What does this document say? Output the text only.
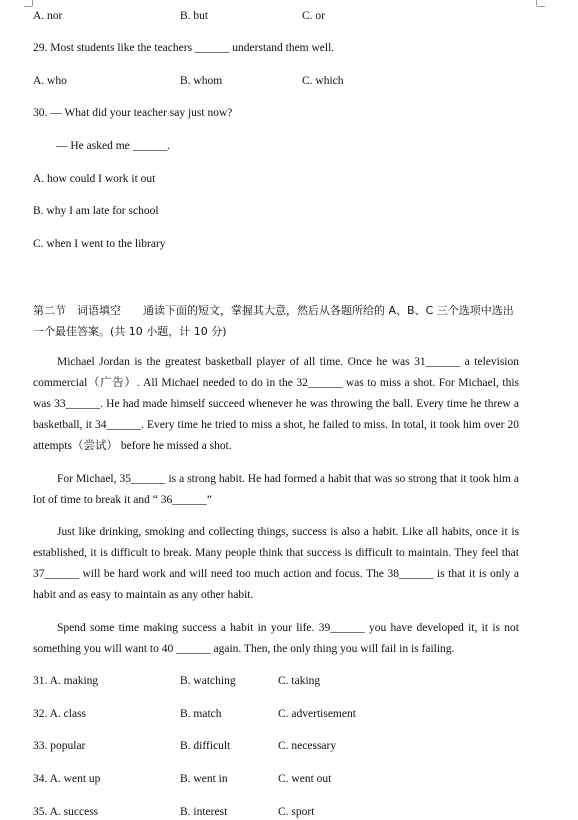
A. nor	B. but	C. or
29. Most students like the teachers ______ understand them well.
A. who	B. whom	C. which
30. — What did your teacher say just now?
— He asked me ______.
A. how could I work it out
B. why I am late for school
C. when I went to the library
第二节　词语填空　　通读下面的短文，掌握其大意，然后从各题所给的 A、B、C 三个选项中选出一个最佳答案。(共 10 小题，计 10 分)
Michael Jordan is the greatest basketball player of all time. Once he was 31______ a television commercial（广告）. All Michael needed to do in the 32______ was to miss a shot. For Michael, this was 33______. He had made himself succeed whenever he was throwing the ball. Every time he threw a basketball, it 34______. Every time he tried to miss a shot, he failed to miss. In total, it took him over 20 attempts（尝试） before he missed a shot.
For Michael, 35______ is a strong habit. He had formed a habit that was so strong that it took him a lot of time to break it and “ 36______”
Just like drinking, smoking and collecting things, success is also a habit. Like all habits, once it is established, it is difficult to break. Many people think that success is difficult to maintain. They feel that 37______ will be hard work and will need too much action and focus. The 38______ is that it is only a habit and as easy to maintain as any other habit.
Spend some time making success a habit in your life. 39______ you have developed it, it is not something you will want to 40 ______ again. Then, the only thing you will fail in is failing.
31. A. making	B. watching	C. taking
32. A. class	B. match	C. advertisement
33. popular	B. difficult	C. necessary
34. A. went up	B. went in	C. went out
35. A. success	B. interest	C. sport
